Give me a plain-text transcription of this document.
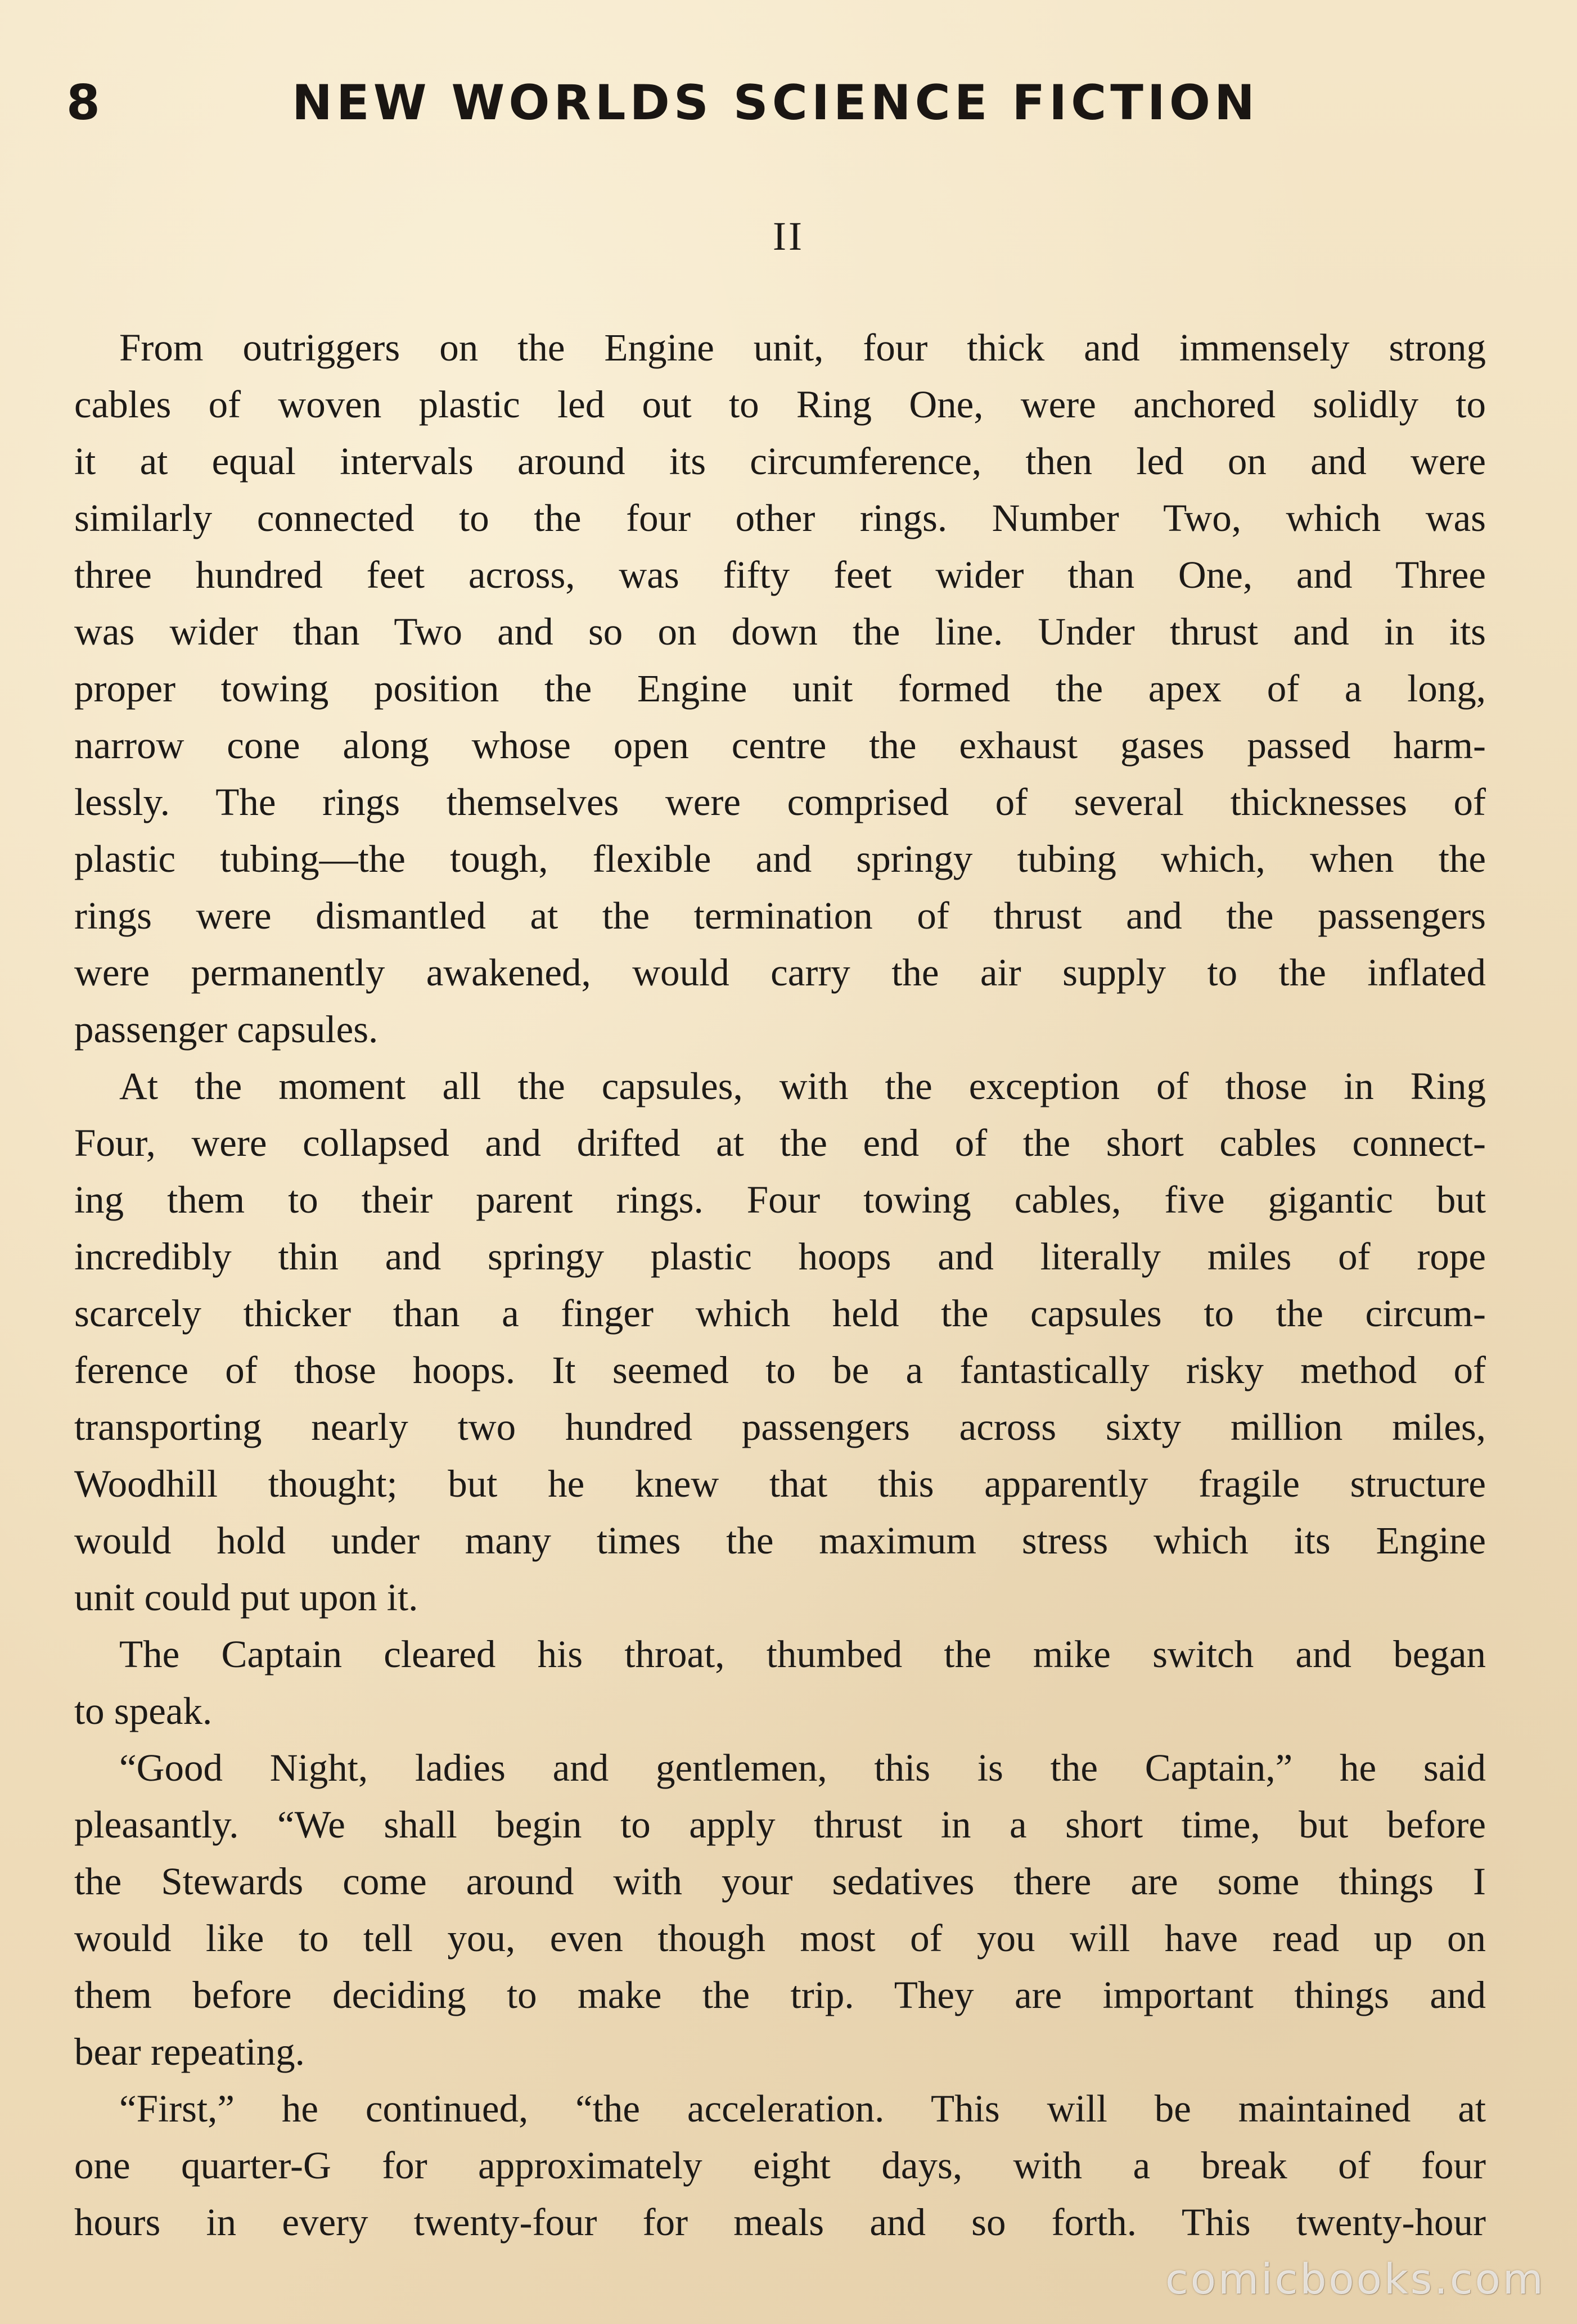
8	NEW WORLDS SCIENCE FICTION
II

From outriggers on the Engine unit, four thick and immensely strong
cables of woven plastic led out to Ring One, were anchored solidly to
it at equal intervals around its circumference, then led on and were
similarly connected to the four other rings. Number Two, which was
three hundred feet across, was fifty feet wider than One, and Three
was wider than Two and so on down the line. Under thrust and in its
proper towing position the Engine unit formed the apex of a long,
narrow cone along whose open centre the exhaust gases passed harm-
lessly. The rings themselves were comprised of several thicknesses of
plastic tubing—the tough, flexible and springy tubing which, when the
rings were dismantled at the termination of thrust and the passengers
were permanently awakened, would carry the air supply to the inflated
passenger capsules.

At the moment all the capsules, with the exception of those in Ring
Four, were collapsed and drifted at the end of the short cables connect-
ing them to their parent rings. Four towing cables, five gigantic but
incredibly thin and springy plastic hoops and literally miles of rope
scarcely thicker than a finger which held the capsules to the circum-
ference of those hoops. It seemed to be a fantastically risky method of
transporting nearly two hundred passengers across sixty million miles,
Woodhill thought; but he knew that this apparently fragile structure
would hold under many times the maximum stress which its Engine
unit could put upon it.

The Captain cleared his throat, thumbed the mike switch and began
to speak.

“Good Night, ladies and gentlemen, this is the Captain,” he said
pleasantly. “We shall begin to apply thrust in a short time, but before
the Stewards come around with your sedatives there are some things I
would like to tell you, even though most of you will have read up on
them before deciding to make the trip. They are important things and
bear repeating.

“First,” he continued, “the acceleration. This will be maintained at
one quarter-G for approximately eight days, with a break of four
hours in every twenty-four for meals and so forth. This twenty-hour

comicbooks.com
